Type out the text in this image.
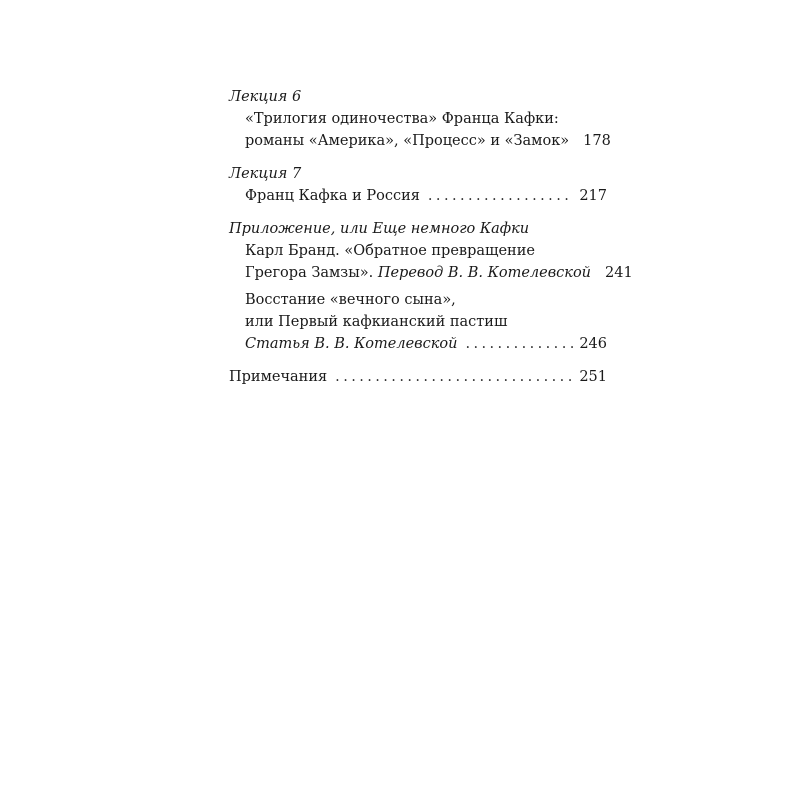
Лекция 6
«Трилогия одиночества» Франца Кафки:
романы «Америка», «Процесс» и «Замок» 178
Лекция 7
Франц Кафка и Россия . . .	217
Приложение, или Еще немного Кафки
Карл Бранд. «Обратное превращение
Грегора Замзы». Перевод В. В. Котелевской 241
Восстание «вечного сына»,
или Первый кафкианский пастиш
Статья В. В. Котелевской . . .	246
Примечания . . .	251
